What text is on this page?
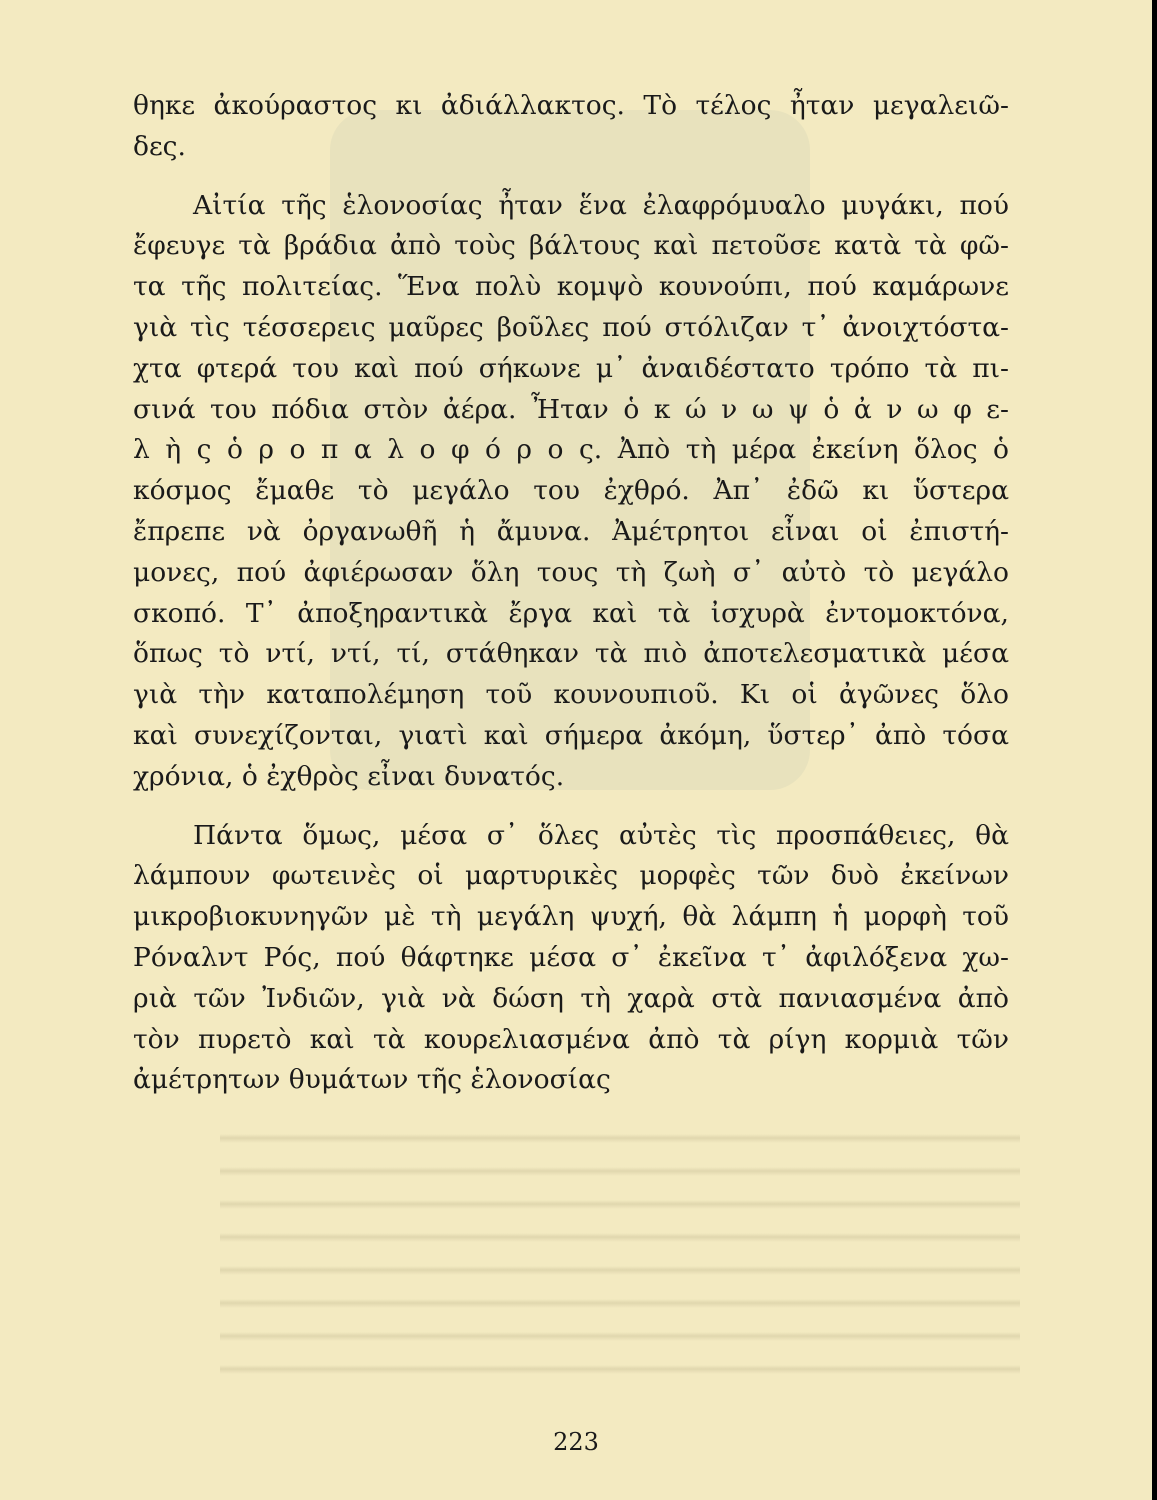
θηκε ἀκούραστος κι ἀδιάλλακτος. Τὸ τέλος ἦταν μεγαλειῶ-
δες.
Αἰτία τῆς ἑλονοσίας ἦταν ἕνα ἐλαφρόμυαλο μυγάκι, πού
ἔφευγε τὰ βράδια ἀπὸ τοὺς βάλτους καὶ πετοῦσε κατὰ τὰ φῶ-
τα τῆς πολιτείας. Ἕνα πολὺ κομψὸ κουνούπι, πού καμάρωνε
γιὰ τὶς τέσσερεις μαῦρες βοῦλες πού στόλιζαν τ᾽ ἀνοιχτόστα-
χτα φτερά του καὶ πού σήκωνε μ᾽ ἀναιδέστατο τρόπο τὰ πι-
σινά του πόδια στὸν ἀέρα. Ἦταν ὁ κ ώ ν ω ψ ὁ ἀ ν ω φ ε-
λ ὴ ς ὁ ρ ο π α λ ο φ ό ρ ο ς. Ἀπὸ τὴ μέρα ἐκείνη ὅλος ὁ
κόσμος ἔμαθε τὸ μεγάλο του ἐχθρό. Ἀπ᾽ ἐδῶ κι ὕστερα
ἔπρεπε νὰ ὀργανωθῆ ἡ ἄμυνα. Ἀμέτρητοι εἶναι οἱ ἐπιστή-
μονες, πού ἀφιέρωσαν ὅλη τους τὴ ζωὴ σ᾽ αὐτὸ τὸ μεγάλο
σκοπό. Τ᾽ ἀποξηραντικὰ ἔργα καὶ τὰ ἰσχυρὰ ἐντομοκτόνα,
ὅπως τὸ ντί, ντί, τί, στάθηκαν τὰ πιὸ ἀποτελεσματικὰ μέσα
γιὰ τὴν καταπολέμηση τοῦ κουνουπιοῦ. Κι οἱ ἀγῶνες ὅλο
καὶ συνεχίζονται, γιατὶ καὶ σήμερα ἀκόμη, ὕστερ᾽ ἀπὸ τόσα
χρόνια, ὁ ἐχθρὸς εἶναι δυνατός.
Πάντα ὅμως, μέσα σ᾽ ὅλες αὐτὲς τὶς προσπάθειες, θὰ
λάμπουν φωτεινὲς οἱ μαρτυρικὲς μορφὲς τῶν δυὸ ἐκείνων
μικροβιοκυνηγῶν μὲ τὴ μεγάλη ψυχή, θὰ λάμπη ἡ μορφὴ τοῦ
Ρόναλντ Ρός, πού θάφτηκε μέσα σ᾽ ἐκεῖνα τ᾽ ἀφιλόξενα χω-
ριὰ τῶν Ἰνδιῶν, γιὰ νὰ δώση τὴ χαρὰ στὰ πανιασμένα ἀπὸ
τὸν πυρετὸ καὶ τὰ κουρελιασμένα ἀπὸ τὰ ρίγη κορμιὰ τῶν
ἀμέτρητων θυμάτων τῆς ἑλονοσίας
223
